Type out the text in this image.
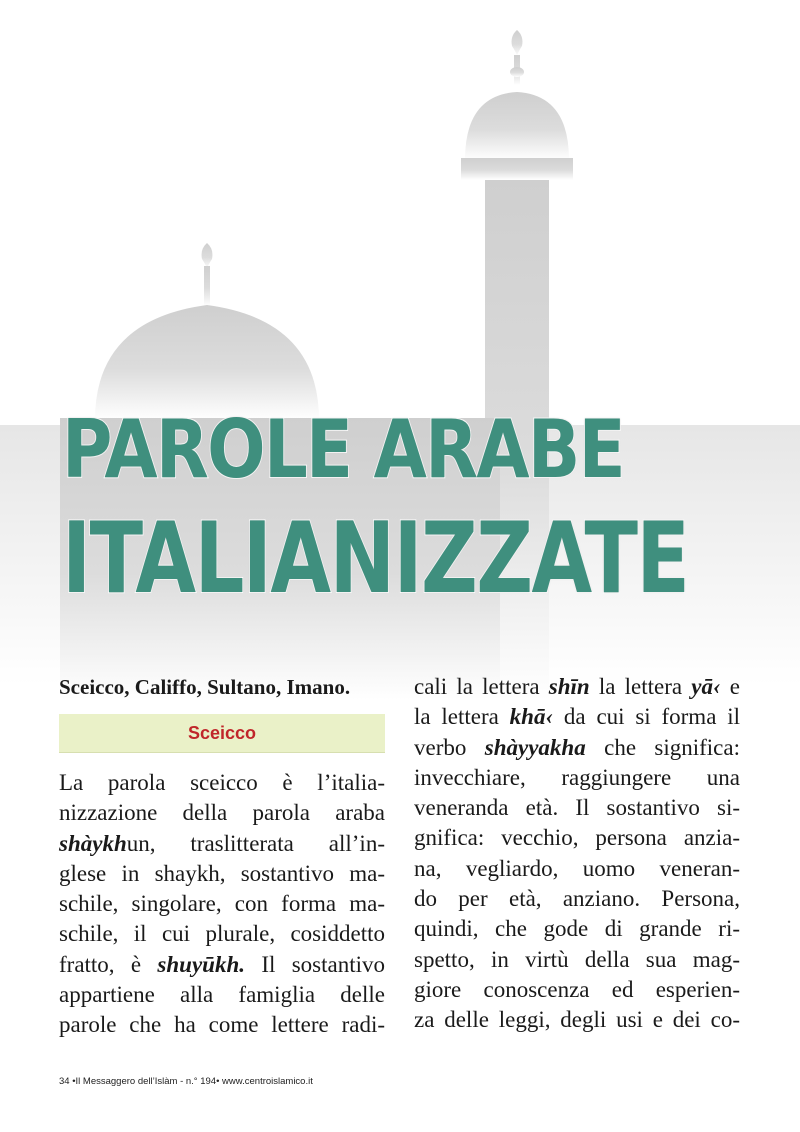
PAROLE ARABE
ITALIANIZZATE
Sceicco, Califfo, Sultano, Imano.
Sceicco

La parola sceicco è l’italia-
nizzazione della parola araba
shàykhun, traslitterata all’in-
glese in shaykh, sostantivo ma-
schile, singolare, con forma ma-
schile, il cui plurale, cosiddetto
fratto, è shuyūkh. Il sostantivo
appartiene alla famiglia delle
parole che ha come lettere radi-

cali la lettera shīn la lettera yā‹ e
la lettera khā‹ da cui si forma il
verbo shàyyakha che significa:
invecchiare, raggiungere una
veneranda età. Il sostantivo si-
gnifica: vecchio, persona anzia-
na, vegliardo, uomo veneran-
do per età, anziano. Persona,
quindi, che gode di grande ri-
spetto, in virtù della sua mag-
giore conoscenza ed esperien-
za delle leggi, degli usi e dei co-

34 •Il Messaggero dell’Islàm - n.° 194• www.centroislamico.it
